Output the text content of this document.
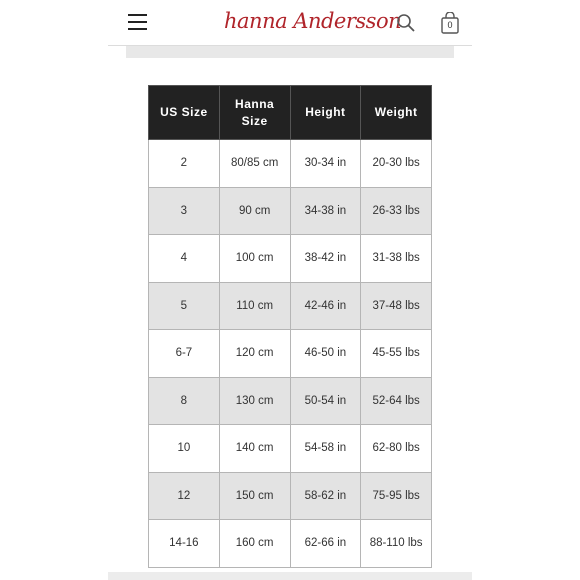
hanna Andersson	0
US Size	Hanna Size	Height	Weight
2	80/85 cm	30-34 in	20-30 lbs
3	90 cm	34-38 in	26-33 lbs
4	100 cm	38-42 in	31-38 lbs
5	110 cm	42-46 in	37-48 lbs
6-7	120 cm	46-50 in	45-55 lbs
8	130 cm	50-54 in	52-64 lbs
10	140 cm	54-58 in	62-80 lbs
12	150 cm	58-62 in	75-95 lbs
14-16	160 cm	62-66 in	88-110 lbs
